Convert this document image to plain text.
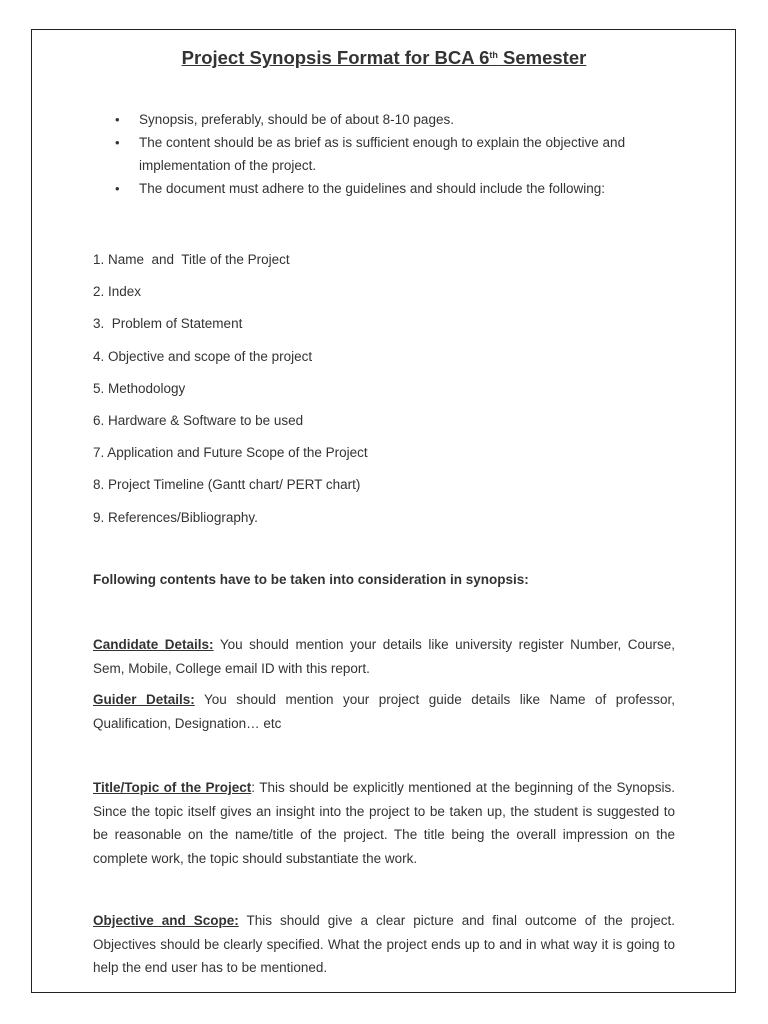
Project Synopsis Format for BCA 6th Semester
• Synopsis, preferably, should be of about 8-10 pages.
• The content should be as brief as is sufficient enough to explain the objective and implementation of the project.
• The document must adhere to the guidelines and should include the following:
1. Name  and  Title of the Project
2. Index
3.  Problem of Statement
4. Objective and scope of the project
5. Methodology
6. Hardware & Software to be used
7. Application and Future Scope of the Project
8. Project Timeline (Gantt chart/ PERT chart)
9. References/Bibliography.
Following contents have to be taken into consideration in synopsis:

Candidate Details: You should mention your details like university register Number, Course, Sem, Mobile, College email ID with this report.

Guider Details: You should mention your project guide details like Name of professor, Qualification, Designation… etc

Title/Topic of the Project: This should be explicitly mentioned at the beginning of the Synopsis. Since the topic itself gives an insight into the project to be taken up, the student is suggested to be reasonable on the name/title of the project. The title being the overall impression on the complete work, the topic should substantiate the work.

Objective and Scope: This should give a clear picture and final outcome of the project. Objectives should be clearly specified. What the project ends up to and in what way it is going to help the end user has to be mentioned.
